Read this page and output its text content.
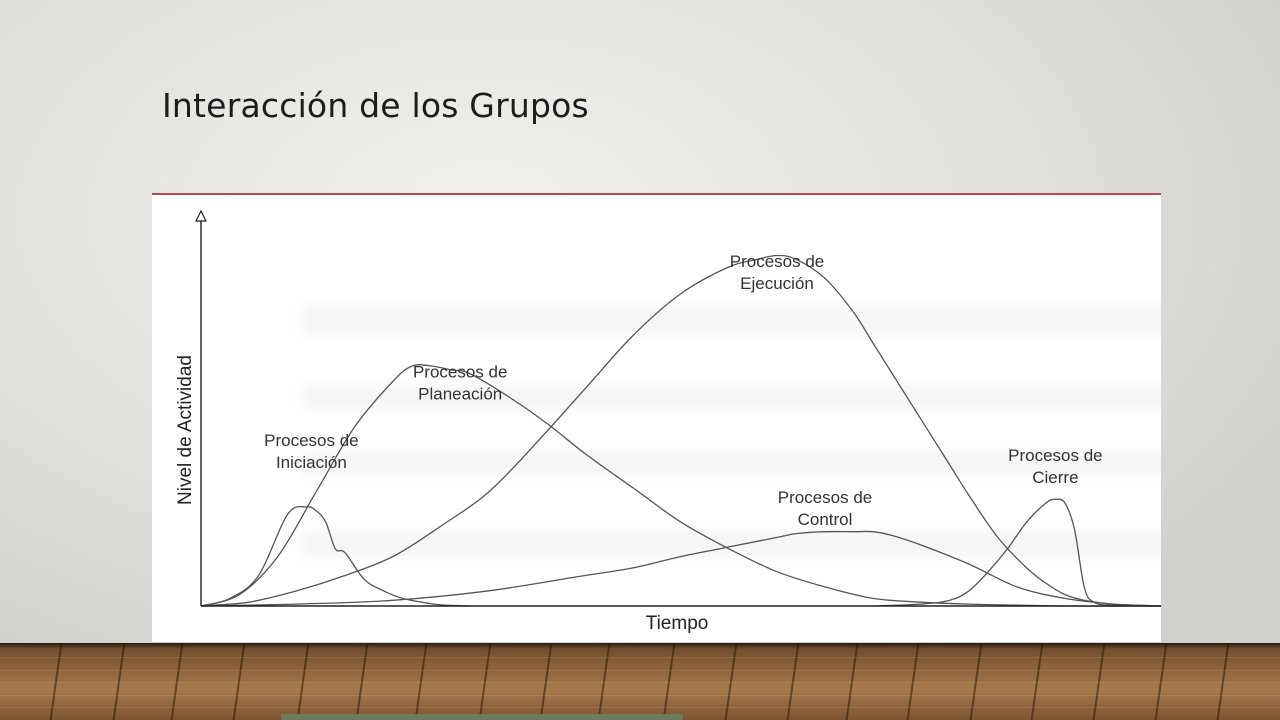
Interacción de los Grupos
Procesos de Iniciación
Procesos de Planeación
Procesos de Ejecución
Procesos de Control
Procesos de Cierre
Tiempo
Nivel de Actividad
